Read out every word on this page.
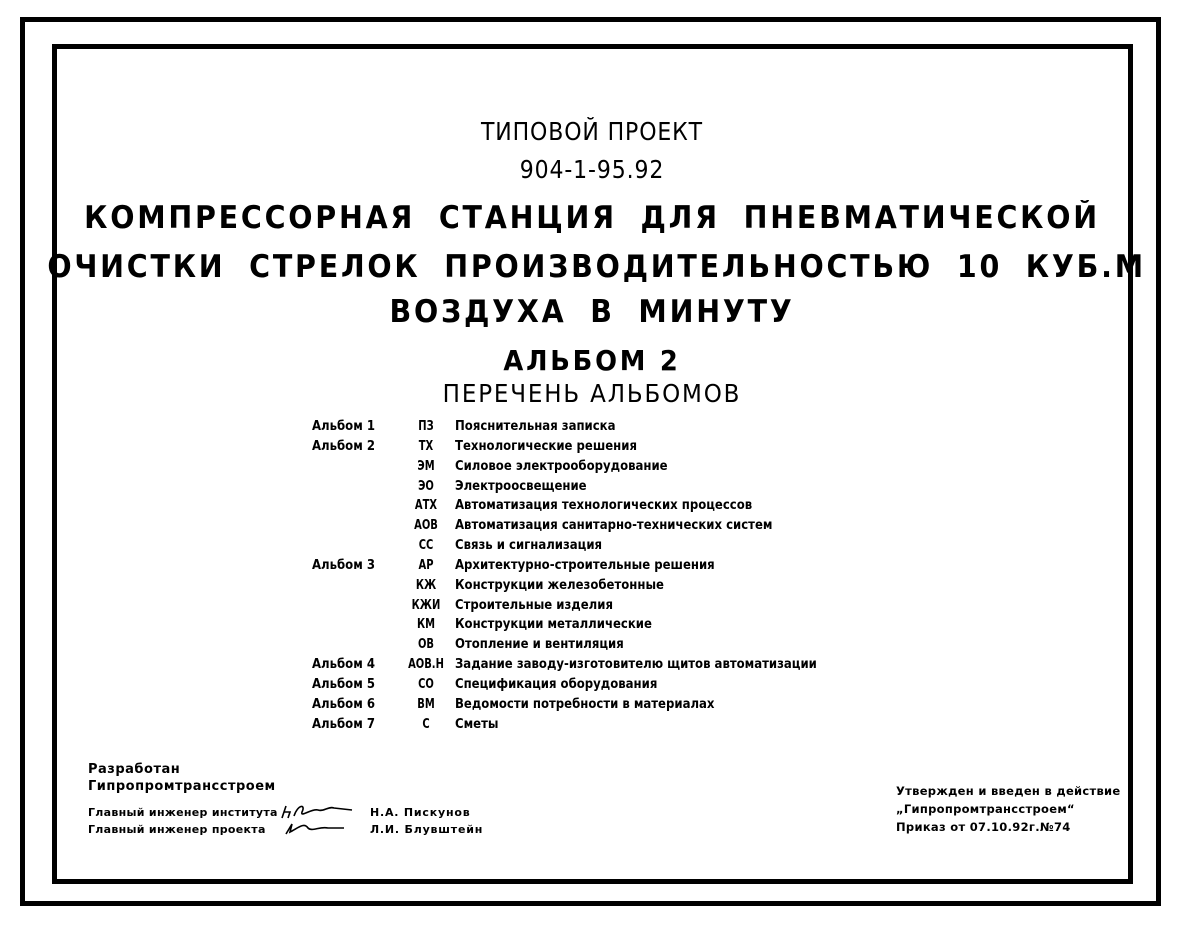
ТИПОВОЙ ПРОЕКТ
904-1-95.92
КОМПРЕССОРНАЯ СТАНЦИЯ ДЛЯ ПНЕВМАТИЧЕСКОЙ
ОЧИСТКИ СТРЕЛОК ПРОИЗВОДИТЕЛЬНОСТЬЮ 10 КУБ.М
ВОЗДУХА В МИНУТУ
АЛЬБОМ 2
ПЕРЕЧЕНЬ АЛЬБОМОВ
Альбом 1	ПЗ	Пояснительная записка
Альбом 2	ТХ	Технологические решения
ЭМ	Силовое электрооборудование
ЭО	Электроосвещение
АТХ	Автоматизация технологических процессов
АОВ	Автоматизация санитарно-технических систем
СС	Связь и сигнализация
Альбом 3	АР	Архитектурно-строительные решения
КЖ	Конструкции железобетонные
КЖИ	Строительные изделия
КМ	Конструкции металлические
ОВ	Отопление и вентиляция
Альбом 4	АОВ.Н Задание заводу-изготовителю щитов автоматизации
Альбом 5	СО	Спецификация оборудования
Альбом 6	ВМ	Ведомости потребности в материалах
Альбом 7	С	Сметы
Разработан
Гипропромтрансстроем
Главный инженер института	Н.А. Пискунов
Главный инженер проекта	Л.И. Блувштейн
Утвержден и введен в действие
„Гипропромтрансстроем“
Приказ от 07.10.92г.№74
